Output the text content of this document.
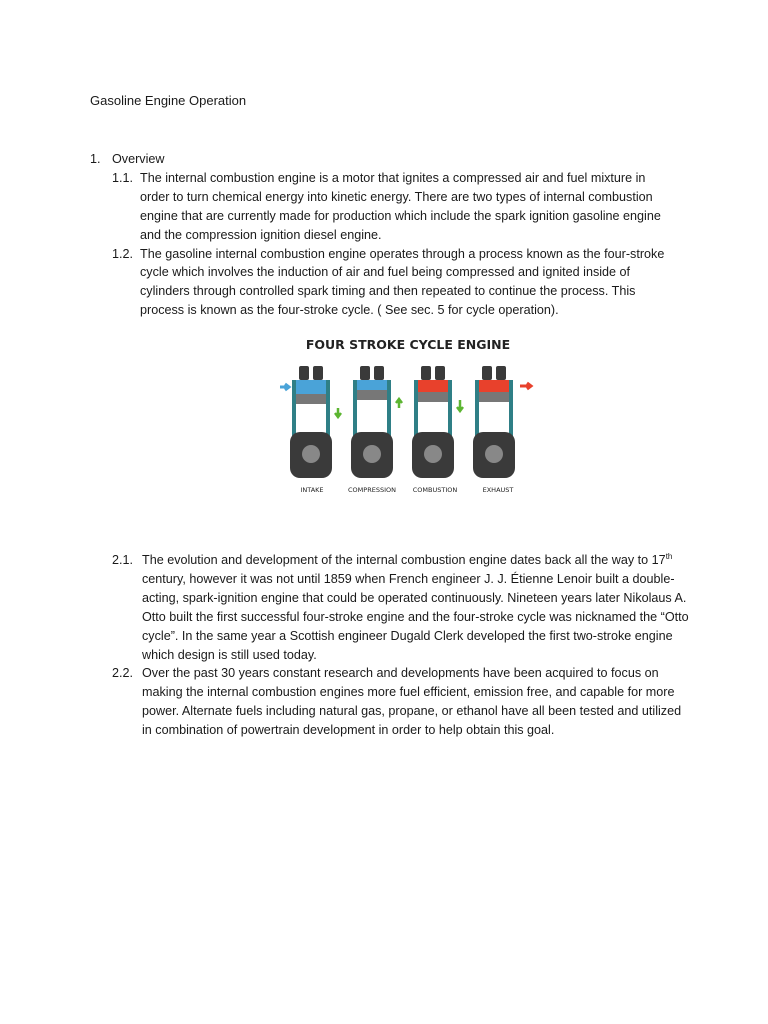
Gasoline Engine Operation
1. Overview
1.1. The internal combustion engine is a motor that ignites a compressed air and fuel mixture in order to turn chemical energy into kinetic energy. There are two types of internal combustion engine that are currently made for production which include the spark ignition gasoline engine and the compression ignition diesel engine.
1.2. The gasoline internal combustion engine operates through a process known as the four-stroke cycle which involves the induction of air and fuel being compressed and ignited inside of cylinders through controlled spark timing and then repeated to continue the process. This process is known as the four-stroke cycle. ( See sec. 5 for cycle operation).
FOUR STROKE CYCLE ENGINE
INTAKE	COMPRESSION	COMBUSTION	EXHAUST
2.1. The evolution and development of the internal combustion engine dates back all the way to 17th century, however it was not until 1859 when French engineer J. J. Étienne Lenoir built a double-acting, spark-ignition engine that could be operated continuously. Nineteen years later Nikolaus A. Otto built the first successful four-stroke engine and the four-stroke cycle was nicknamed the “Otto cycle”. In the same year a Scottish engineer Dugald Clerk developed the first two-stroke engine which design is still used today.
2.2. Over the past 30 years constant research and developments have been acquired to focus on making the internal combustion engines more fuel efficient, emission free, and capable for more power. Alternate fuels including natural gas, propane, or ethanol have all been tested and utilized in combination of powertrain development in order to help obtain this goal.
